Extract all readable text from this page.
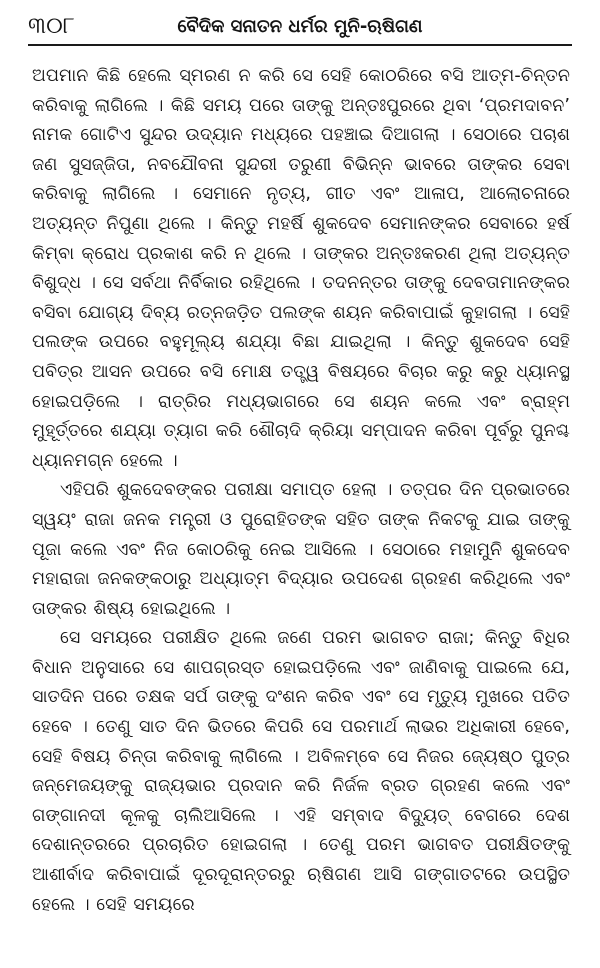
୩୦୮	ବୈଦିକ ସନାତନ ଧର୍ମର ମୁନି-ଋଷିଗଣ

ଅପମାନ କିଛି ହେଲେ ସ୍ମରଣ ନ କରି ସେ ସେହି କୋଠରିରେ ବସି ଆତ୍ମ-ଚିନ୍ତନ କରିବାକୁ ଲାଗିଲେ । କିଛି ସମୟ ପରେ ତାଙ୍କୁ ଅନ୍ତଃପୁରରେ ଥିବା ‘ପ୍ରମଦାବନ’ ନାମକ ଗୋଟିଏ ସୁନ୍ଦର ଉଦ୍ୟାନ ମଧ୍ୟରେ ପହଞ୍ଚାଇ ଦିଆଗଲା । ସେଠାରେ ପଚାଶ ଜଣ ସୁସଜ୍ଜିତା, ନବଯୌବନା ସୁନ୍ଦରୀ ତରୁଣୀ ବିଭିନ୍ନ ଭାବରେ ତାଙ୍କର ସେବା କରିବାକୁ ଲାଗିଲେ । ସେମାନେ ନୃତ୍ୟ, ଗୀତ ଏବଂ ଆଳାପ, ଆଲୋଚନାରେ ଅତ୍ୟନ୍ତ ନିପୁଣା ଥିଲେ । କିନ୍ତୁ ମହର୍ଷି ଶୁକଦେବ ସେମାନଙ୍କର ସେବାରେ ହର୍ଷ କିମ୍ବା କ୍ରୋଧ ପ୍ରକାଶ କରି ନ ଥିଲେ । ତାଙ୍କର ଅନ୍ତଃକରଣ ଥିଲା ଅତ୍ୟନ୍ତ ବିଶୁଦ୍ଧ । ସେ ସର୍ବଥା ନିର୍ବିକାର ରହିଥିଲେ । ତଦନନ୍ତର ତାଙ୍କୁ ଦେବତାମାନଙ୍କର ବସିବା ଯୋଗ୍ୟ ଦିବ୍ୟ ରତ୍ନଜଡ଼ିତ ପଲଙ୍କ ଶୟନ କରିବାପାଇଁ କୁହାଗଲା । ସେହି ପଲଙ୍କ ଉପରେ ବହୁମୂଲ୍ୟ ଶଯ୍ୟା ବିଛା ଯାଇଥିଲା । କିନ୍ତୁ ଶୁକଦେବ ସେହି ପବିତ୍ର ଆସନ ଉପରେ ବସି ମୋକ୍ଷ ତତ୍ତ୍ୱ ବିଷୟରେ ବିଚାର କରୁ କରୁ ଧ୍ୟାନସ୍ଥ ହୋଇପଡ଼ିଲେ । ରାତ୍ରିର ମଧ୍ୟଭାଗରେ ସେ ଶୟନ କଲେ ଏବଂ ବ୍ରାହ୍ମ ମୁହୂର୍ତ୍ତରେ ଶଯ୍ୟା ତ୍ୟାଗ କରି ଶୌଚାଦି କ୍ରିୟା ସମ୍ପାଦନ କରିବା ପୂର୍ବରୁ ପୁନଶ୍ଚ ଧ୍ୟାନମଗ୍ନ ହେଲେ ।

ଏହିପରି ଶୁକଦେବଙ୍କର ପରୀକ୍ଷା ସମାପ୍ତ ହେଲା । ତତ୍ପର ଦିନ ପ୍ରଭାତରେ ସ୍ୱୟଂ ରାଜା ଜନକ ମନ୍ତ୍ରୀ ଓ ପୁରୋହିତଙ୍କ ସହିତ ତାଙ୍କ ନିକଟକୁ ଯାଇ ତାଙ୍କୁ ପୂଜା କଲେ ଏବଂ ନିଜ କୋଠରିକୁ ନେଇ ଆସିଲେ । ସେଠାରେ ମହାମୁନି ଶୁକଦେବ ମହାରାଜା ଜନକଙ୍କଠାରୁ ଅଧ୍ୟାତ୍ମ ବିଦ୍ୟାର ଉପଦେଶ ଗ୍ରହଣ କରିଥିଲେ ଏବଂ ତାଙ୍କର ଶିଷ୍ୟ ହୋଇଥିଲେ ।

ସେ ସମୟରେ ପରୀକ୍ଷିତ ଥିଲେ ଜଣେ ପରମ ଭାଗବତ ରାଜା; କିନ୍ତୁ ବିଧିର ବିଧାନ ଅନୁସାରେ ସେ ଶାପଗ୍ରସ୍ତ ହୋଇପଡ଼ିଲେ ଏବଂ ଜାଣିବାକୁ ପାଇଲେ ଯେ, ସାତଦିନ ପରେ ତକ୍ଷକ ସର୍ପ ତାଙ୍କୁ ଦଂଶନ କରିବ ଏବଂ ସେ ମୃତ୍ୟୁ ମୁଖରେ ପତିତ ହେବେ । ତେଣୁ ସାତ ଦିନ ଭିତରେ କିପରି ସେ ପରମାର୍ଥ ଲାଭର ଅଧିକାରୀ ହେବେ, ସେହି ବିଷୟ ଚିନ୍ତା କରିବାକୁ ଲାଗିଲେ । ଅବିଳମ୍ବେ ସେ ନିଜର ଜ୍ୟେଷ୍ଠ ପୁତ୍ର ଜନ୍ମେଜୟଙ୍କୁ ରାଜ୍ୟଭାର ପ୍ରଦାନ କରି ନିର୍ଜଳ ବ୍ରତ ଗ୍ରହଣ କଲେ ଏବଂ ଗଙ୍ଗାନଦୀ କୂଳକୁ ଚାଲିଆସିଲେ । ଏହି ସମ୍ବାଦ ବିଦ୍ୟୁତ୍ ବେଗରେ ଦେଶ ଦେଶାନ୍ତରରେ ପ୍ରଚାରିତ ହୋଇଗଲା । ତେଣୁ ପରମ ଭାଗବତ ପରୀକ୍ଷିତଙ୍କୁ ଆଶୀର୍ବାଦ କରିବାପାଇଁ ଦୂରଦୂରାନ୍ତରରୁ ଋଷିଗଣ ଆସି ଗଙ୍ଗାତଟରେ ଉପସ୍ଥିତ ହେଲେ । ସେହି ସମୟରେ
